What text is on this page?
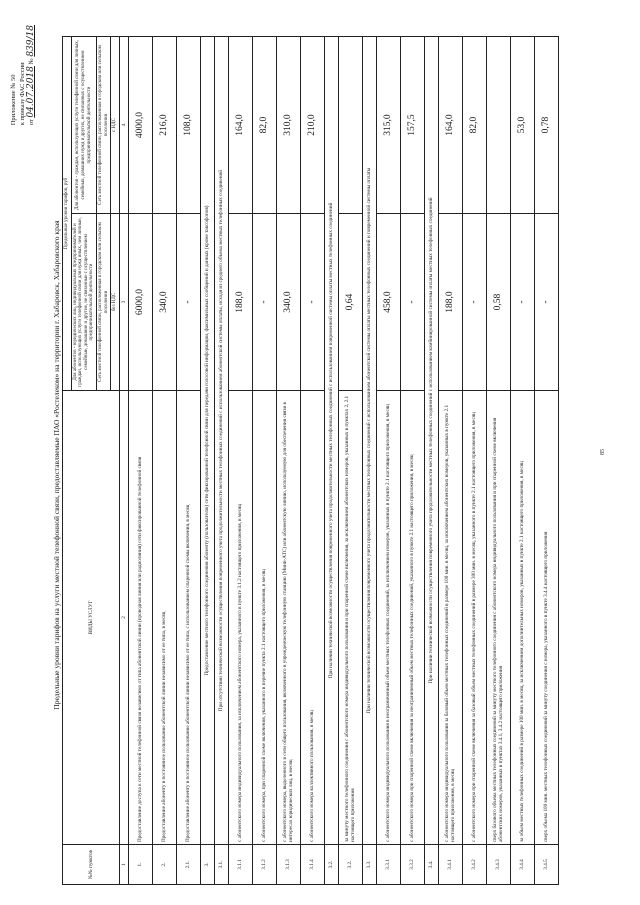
Приложение № 50 к приказу ФАС России от 04.07.2018 № 839/18
Предельные уровни тарифов на услуги местной телефонной связи, предоставляемые ПАО «Ростелеком» на территории г. Хабаровск, Хабаровского края
№№ пунктов	ВИДЫ УСЛУГ	Предельные уровни тарифов, руб	
		Для абонентов - юридических лиц, индивидуальных предпринимателей и граждан, использующих услуги телефонной связи для нужд иных, чем личные, семейные, домашние и другие, не связанные с осуществлением предпринимательской деятельности	Для абонентов - граждан, использующих услуги телефонной связи для личных, семейных, домашних нужд и других, не связанных с осуществлением предпринимательской деятельности
		Сеть местной телефонной связи, расположенная в городском или сельском поселении	Сеть местной телефонной связи, расположенная в городском или сельском поселении
		без НДС	с НДС
1	2	3	4
1.	Предоставление доступа к сети местной телефонной связи независимо от типа абонентской линии (проводная линия или радиолиния) сети фиксированной телефонной связи	6000,0	4000,0
2.	Предоставление абоненту в постоянное пользование абонентской линии независимо от ее типа, в месяц	340,0	216,0
2.1.	Предоставление абоненту в постоянное пользование абонентской линии независимо от ее типа, с использованием спаренной схемы включения, в месяц	-	108,0
3.	Предоставление местного телефонного соединения абоненту (пользователю) сети фиксированной телефонной связи для передачи голосовой информации, факсимильных сообщений и данных (кроме таксофонов)		
3.1.	При отсутствии технической возможности осуществления повременного учета продолжительности местных телефонных соединений с использованием абонентской системы оплаты, исходя из среднего объема местных телефонных соединений		
3.1.1	с абонентского номера индивидуального пользования, за исключением абонентского номера, указанного в пункте 3.1.2 настоящего приложения, в месяц	188,0	164,0
3.1.2	с абонентского номера, при спаренной схеме включения, указанного в перечне пункта 2.1 настоящего приложения, в месяц	-	82,0
3.1.3	с абонентского номера, выделенного в сети общего пользования, включенного в учрежденческую телефонную станцию (Мини-АТС) или абонентскую линию, используемую для обеспечения связи в интересах юридических лиц, в месяц	340,0	310,0
3.1.4	с абонентского номера коллективного пользования, в месяц	-	210,0
3.2.	При наличии технической возможности осуществления повременного учета продолжительности местных телефонных соединений с использованием повременной системы оплаты местных телефонных соединений		
3.2.	за минуту местного телефонного соединения с абонентского номера индивидуального пользования и при спаренной схеме включения, за исключением абонентских номеров, указанных в пунктах 2, 2.1 настоящего приложения	0,64	
3.3.	При наличии технической возможности осуществления повременного учета продолжительности местных телефонных соединений с использованием абонентской системы оплаты местных телефонных соединений и повременной системы оплаты		
3.3.1	с абонентского номера индивидуального пользования в неограниченный объем местных телефонных соединений, за исключением номеров, указанных в пункте 2.1 настоящего приложения, в месяц	458,0	315,0
3.3.2	с абонентского номера при спаренной схеме включения за неограниченный объем местных телефонных соединений, указанного в пункте 2.1 настоящего приложения, в месяц	-	157,5
3.4.	При наличии технической возможности осуществления повременного учета продолжительности местных телефонных соединений с использованием комбинированной системы оплаты местных телефонных соединений		
3.4.1	с абонентского номера индивидуального пользования за базовый объем местных телефонных соединений в размере 100 мин. в месяц, за исключением абонентских номеров, указанных в пункте 2.1 настоящего приложения, в месяц	188,0	164,0
3.4.2	с абонентского номера при спаренной схеме включения за базовый объем местных телефонных соединений в размере 300 мин. в месяц, указанного в пункте 2.1 настоящего приложения, в месяц	-	82,0
3.4.3	сверх базового объема местных телефонных соединений за минуту местного телефонного соединения с абонентского номера индивидуального пользования и при спаренной схеме включения абонентских номеров, указанных в пунктах 3.4.1, 3.4.2 настоящего приложения	0,58	
3.4.4	за объем местных телефонных соединений в размере 100 мин. в месяц, за исключением дополнительных номеров, указанных в пункте 2.1 настоящего приложения, в месяц	-	53,0
3.4.5	сверх объема 100 мин. местных телефонных соединений за минуту соединения с номера, указанного в пункте 3.4.4 настоящего приложения	-	0,78
85
